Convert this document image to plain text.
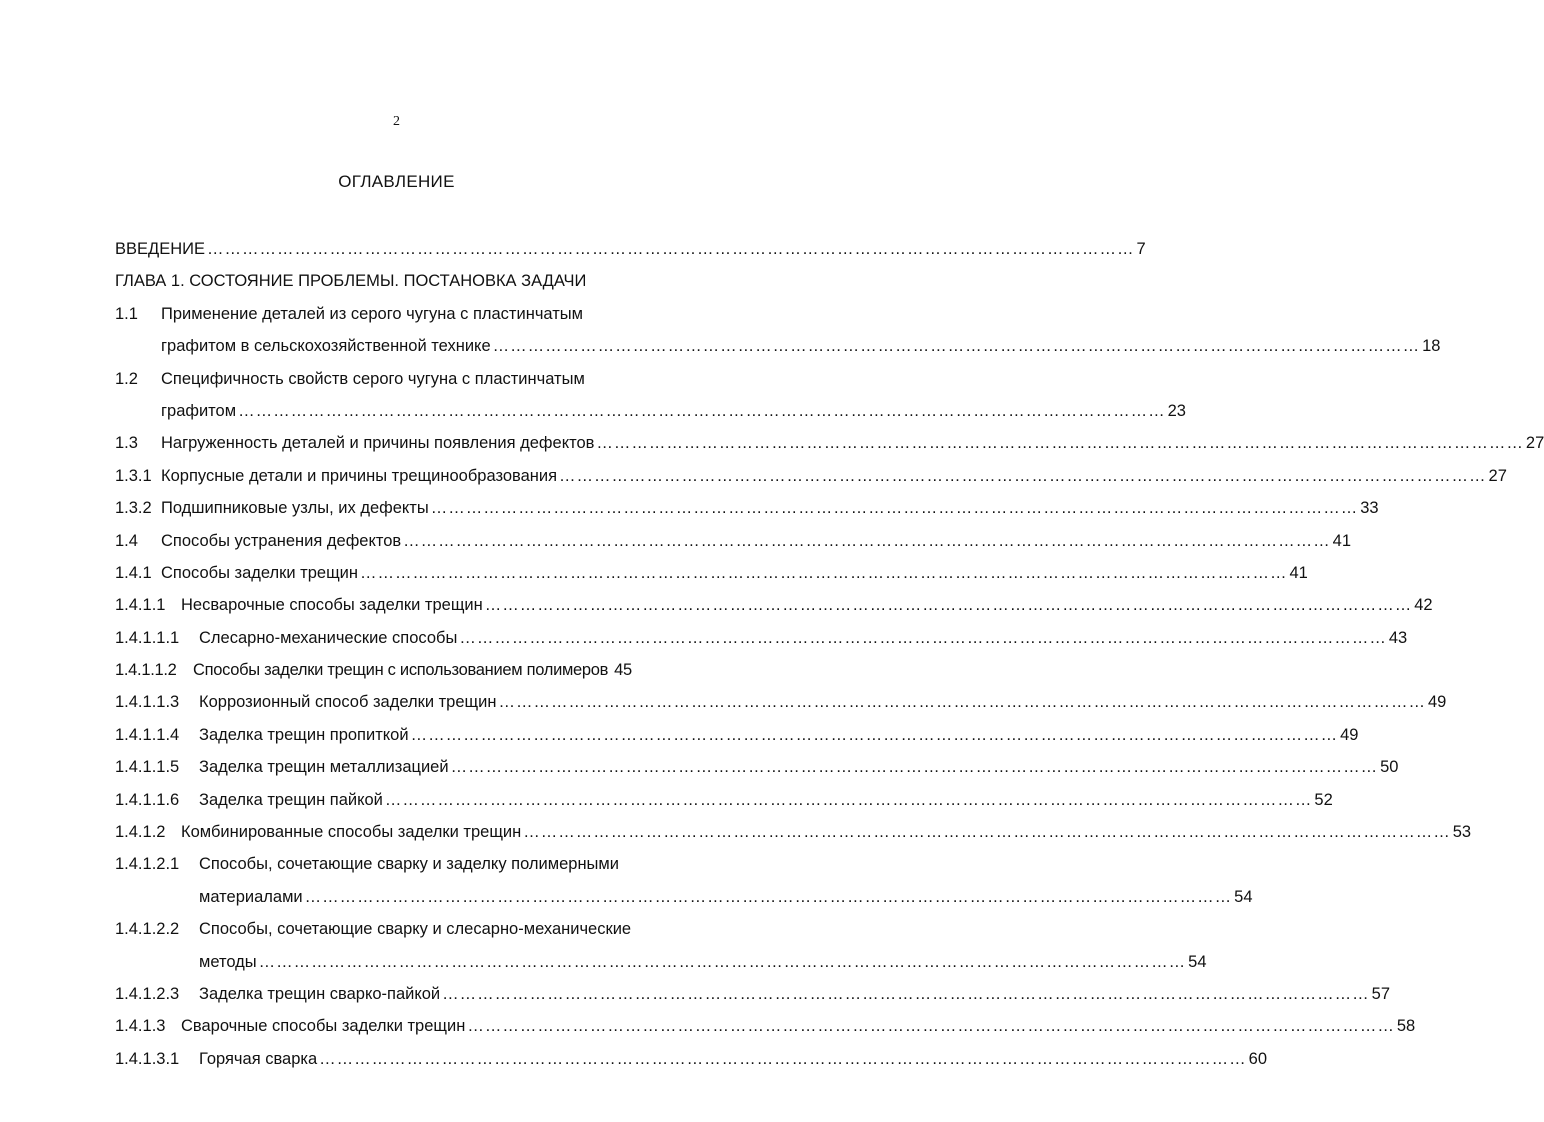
2
ОГЛАВЛЕНИЕ
ВВЕДЕНИЕ ……………………………………………………………………………………………………………………………………………	7
ГЛАВА 1. СОСТОЯНИЕ ПРОБЛЕМЫ. ПОСТАНОВКА ЗАДАЧИ
1.1	Применение деталей из серого чугуна с пластинчатым
графитом в сельскохозяйственной технике ……………………………………………………………………………………………………………………………………………	18
1.2	Специфичность свойств серого чугуна с пластинчатым
графитом ……………………………………………………………………………………………………………………………………………	23
1.3	Нагруженность деталей и причины появления дефектов ……………………………………………………………………………………………………………………………………………	27
1.3.1 Корпусные детали и причины трещинообразования ……………………………………………………………………………………………………………………………………………	27
1.3.2 Подшипниковые узлы, их дефекты ……………………………………………………………………………………………………………………………………………	33
1.4	Способы устранения дефектов ……………………………………………………………………………………………………………………………………………	41
1.4.1 Способы заделки трещин ……………………………………………………………………………………………………………………………………………	41
1.4.1.1 Несварочные способы заделки трещин ……………………………………………………………………………………………………………………………………………	42
1.4.1.1.1	Слесарно-механические способы ……………………………………………………………………………………………………………………………………………	43
1.4.1.1.2 Способы заделки трещин с использованием полимеров 45
1.4.1.1.3	Коррозионный способ заделки трещин ……………………………………………………………………………………………………………………………………………	49
1.4.1.1.4	Заделка трещин пропиткой ……………………………………………………………………………………………………………………………………………	49
1.4.1.1.5	Заделка трещин металлизацией ……………………………………………………………………………………………………………………………………………	50
1.4.1.1.6	Заделка трещин пайкой ……………………………………………………………………………………………………………………………………………	52
1.4.1.2 Комбинированные способы заделки трещин ……………………………………………………………………………………………………………………………………………	53
1.4.1.2.1	Способы, сочетающие сварку и заделку полимерными
материалами ……………………………………………………………………………………………………………………………………………	54
1.4.1.2.2	Способы, сочетающие сварку и слесарно-механические
методы ……………………………………………………………………………………………………………………………………………	54
1.4.1.2.3	Заделка трещин сварко-пайкой ……………………………………………………………………………………………………………………………………………	57
1.4.1.3 Сварочные способы заделки трещин ……………………………………………………………………………………………………………………………………………	58
1.4.1.3.1	Горячая сварка ……………………………………………………………………………………………………………………………………………	60
